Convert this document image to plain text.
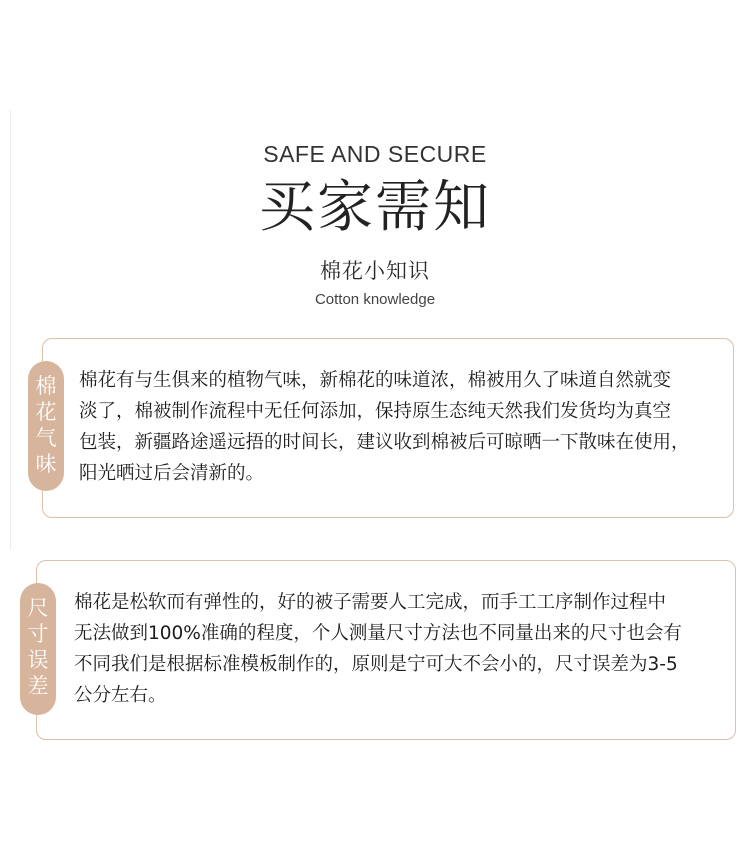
SAFE AND SECURE

买家需知

棉花小知识

Cotton knowledge

棉
花
气
味

棉花有与生俱来的植物气味，新棉花的味道浓，棉被用久了味道自然就变

淡了，棉被制作流程中无任何添加，保持原生态纯天然我们发货均为真空

包装，新疆路途遥远捂的时间长，建议收到棉被后可晾晒一下散味在使用，

阳光晒过后会清新的。

尺
寸
误
差

棉花是松软而有弹性的，好的被子需要人工完成，而手工工序制作过程中

无法做到100%准确的程度，个人测量尺寸方法也不同量出来的尺寸也会有

不同我们是根据标准模板制作的，原则是宁可大不会小的，尺寸误差为3-5

公分左右。
